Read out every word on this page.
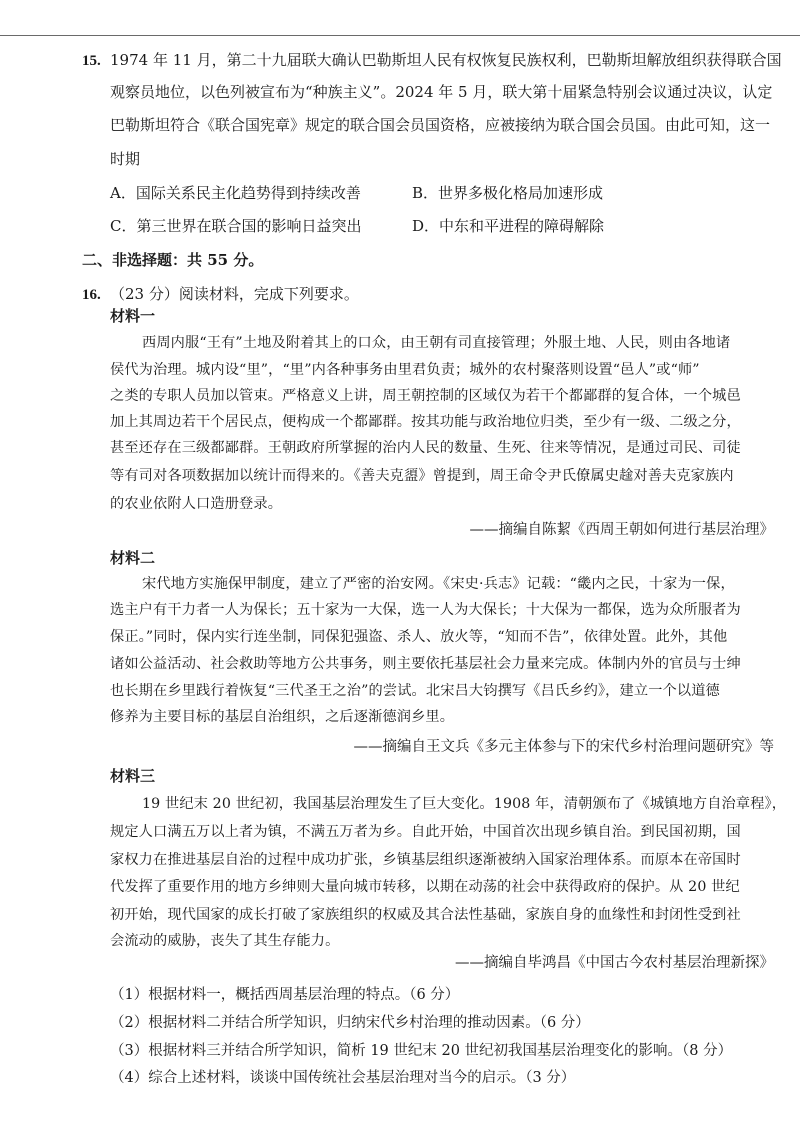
15. 1974 年 11 月，第二十九届联大确认巴勒斯坦人民有权恢复民族权利，巴勒斯坦解放组织获得联合国
观察员地位，以色列被宣布为“种族主义”。2024 年 5 月，联大第十届紧急特别会议通过决议，认定
巴勒斯坦符合《联合国宪章》规定的联合国会员国资格，应被接纳为联合国会员国。由此可知，这一
时期
A．国际关系民主化趋势得到持续改善	B．世界多极化格局加速形成
C．第三世界在联合国的影响日益突出	D．中东和平进程的障碍解除
二、非选择题：共 55 分。
16. （23 分）阅读材料，完成下列要求。
材料一
西周内服“王有”土地及附着其上的口众，由王朝有司直接管理；外服土地、人民，则由各地诸
侯代为治理。城内设“里”，“里”内各种事务由里君负责；城外的农村聚落则设置“邑人”或“师”
之类的专职人员加以管束。严格意义上讲，周王朝控制的区域仅为若干个都鄙群的复合体，一个城邑
加上其周边若干个居民点，便构成一个都鄙群。按其功能与政治地位归类，至少有一级、二级之分，
甚至还存在三级都鄙群。王朝政府所掌握的治内人民的数量、生死、往来等情况，是通过司民、司徒
等有司对各项数据加以统计而得来的。《善夫克盨》曾提到，周王命令尹氏僚属史趛对善夫克家族内
的农业依附人口造册登录。
——摘编自陈絜《西周王朝如何进行基层治理》
材料二
宋代地方实施保甲制度，建立了严密的治安网。《宋史·兵志》记载：“畿内之民，十家为一保，
选主户有干力者一人为保长；五十家为一大保，选一人为大保长；十大保为一都保，选为众所服者为
保正。”同时，保内实行连坐制，同保犯强盗、杀人、放火等，“知而不告”，依律处置。此外，其他
诸如公益活动、社会救助等地方公共事务，则主要依托基层社会力量来完成。体制内外的官员与士绅
也长期在乡里践行着恢复“三代圣王之治”的尝试。北宋吕大钧撰写《吕氏乡约》，建立一个以道德
修养为主要目标的基层自治组织，之后逐渐德润乡里。
——摘编自王文兵《多元主体参与下的宋代乡村治理问题研究》等
材料三
19 世纪末 20 世纪初，我国基层治理发生了巨大变化。1908 年，清朝颁布了《城镇地方自治章程》，
规定人口满五万以上者为镇，不满五万者为乡。自此开始，中国首次出现乡镇自治。到民国初期，国
家权力在推进基层自治的过程中成功扩张，乡镇基层组织逐渐被纳入国家治理体系。而原本在帝国时
代发挥了重要作用的地方乡绅则大量向城市转移，以期在动荡的社会中获得政府的保护。从 20 世纪
初开始，现代国家的成长打破了家族组织的权威及其合法性基础，家族自身的血缘性和封闭性受到社
会流动的威胁，丧失了其生存能力。
——摘编自毕鸿昌《中国古今农村基层治理新探》
（1）根据材料一，概括西周基层治理的特点。（6 分）
（2）根据材料二并结合所学知识，归纳宋代乡村治理的推动因素。（6 分）
（3）根据材料三并结合所学知识，简析 19 世纪末 20 世纪初我国基层治理变化的影响。（8 分）
（4）综合上述材料，谈谈中国传统社会基层治理对当今的启示。（3 分）
